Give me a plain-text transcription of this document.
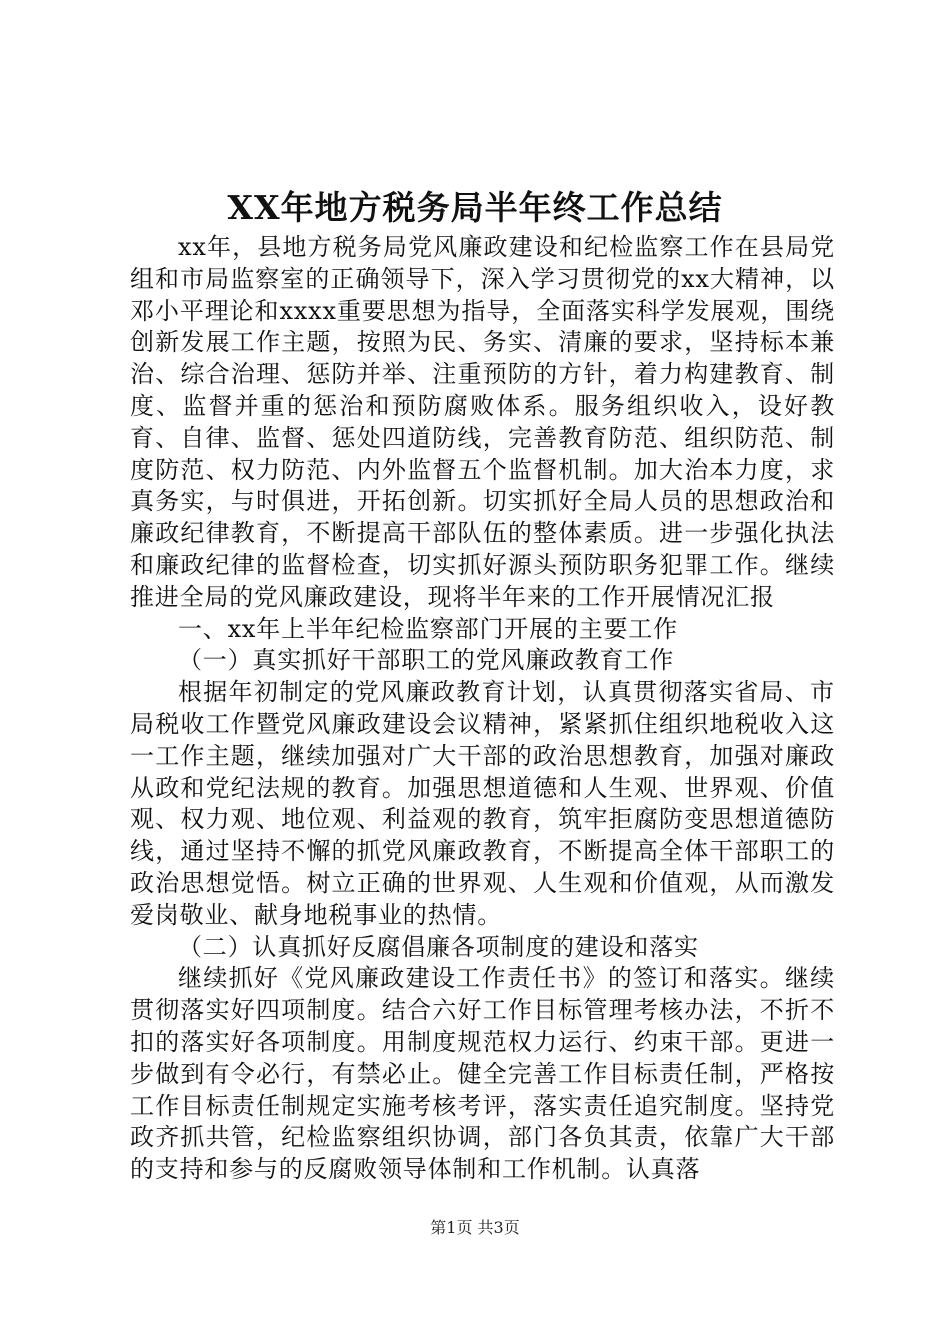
XX年地方税务局半年终工作总结

xx年，县地方税务局党风廉政建设和纪检监察工作在县局党组和市局监察室的正确领导下，深入学习贯彻党的xx大精神，以邓小平理论和xxxx重要思想为指导，全面落实科学发展观，围绕创新发展工作主题，按照为民、务实、清廉的要求，坚持标本兼治、综合治理、惩防并举、注重预防的方针，着力构建教育、制度、监督并重的惩治和预防腐败体系。服务组织收入，设好教育、自律、监督、惩处四道防线，完善教育防范、组织防范、制度防范、权力防范、内外监督五个监督机制。加大治本力度，求真务实，与时俱进，开拓创新。切实抓好全局人员的思想政治和廉政纪律教育，不断提高干部队伍的整体素质。进一步强化执法和廉政纪律的监督检查，切实抓好源头预防职务犯罪工作。继续推进全局的党风廉政建设，现将半年来的工作开展情况汇报

一、xx年上半年纪检监察部门开展的主要工作

（一）真实抓好干部职工的党风廉政教育工作

根据年初制定的党风廉政教育计划，认真贯彻落实省局、市局税收工作暨党风廉政建设会议精神，紧紧抓住组织地税收入这一工作主题，继续加强对广大干部的政治思想教育，加强对廉政从政和党纪法规的教育。加强思想道德和人生观、世界观、价值观、权力观、地位观、利益观的教育，筑牢拒腐防变思想道德防线，通过坚持不懈的抓党风廉政教育，不断提高全体干部职工的政治思想觉悟。树立正确的世界观、人生观和价值观，从而激发爱岗敬业、献身地税事业的热情。

（二）认真抓好反腐倡廉各项制度的建设和落实

继续抓好《党风廉政建设工作责任书》的签订和落实。继续贯彻落实好四项制度。结合六好工作目标管理考核办法，不折不扣的落实好各项制度。用制度规范权力运行、约束干部。更进一步做到有令必行，有禁必止。健全完善工作目标责任制，严格按工作目标责任制规定实施考核考评，落实责任追究制度。坚持党政齐抓共管，纪检监察组织协调，部门各负其责，依靠广大干部的支持和参与的反腐败领导体制和工作机制。认真落

第1页 共3页
